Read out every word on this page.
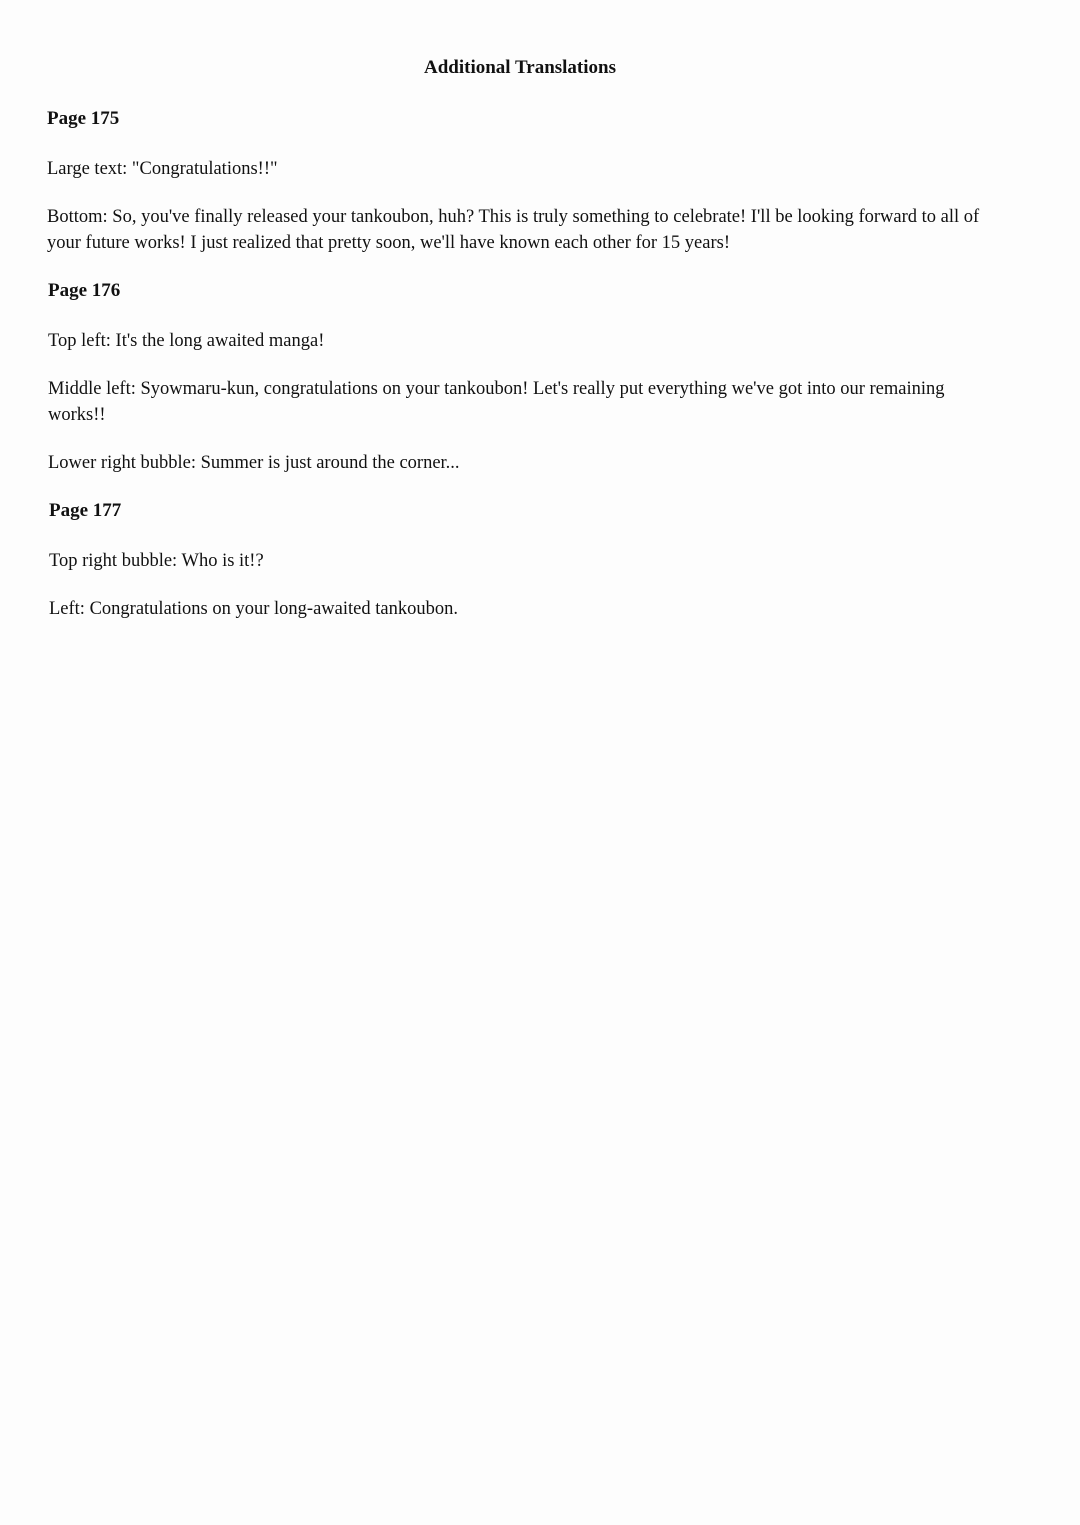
Additional Translations
Page 175

Large text: "Congratulations!!"

Bottom: So, you've finally released your tankoubon, huh? This is truly something to celebrate! I'll be looking forward to all of your future works! I just realized that pretty soon, we'll have known each other for 15 years!

Page 176

Top left: It's the long awaited manga!

Middle left: Syowmaru-kun, congratulations on your tankoubon! Let's really put everything we've got into our remaining works!!

Lower right bubble: Summer is just around the corner...

Page 177

Top right bubble: Who is it!?

Left: Congratulations on your long-awaited tankoubon.
